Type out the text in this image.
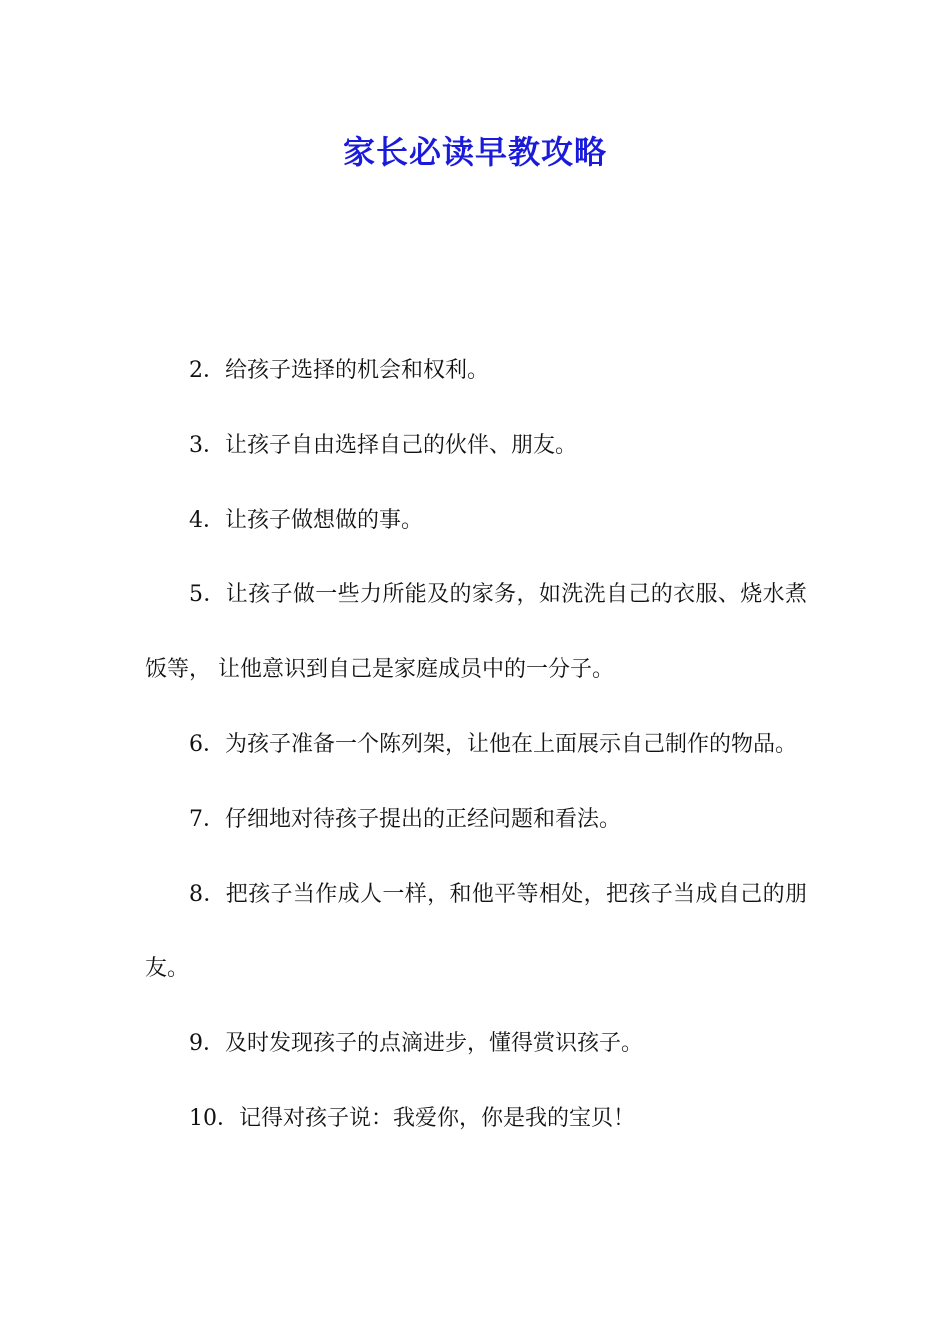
家长必读早教攻略

2．给孩子选择的机会和权利。

3．让孩子自由选择自己的伙伴、朋友。

4．让孩子做想做的事。

5．让孩子做一些力所能及的家务，如洗洗自己的衣服、烧水煮饭等， 让他意识到自己是家庭成员中的一分子。

6．为孩子准备一个陈列架，让他在上面展示自己制作的物品。

7．仔细地对待孩子提出的正经问题和看法。

8．把孩子当作成人一样，和他平等相处，把孩子当成自己的朋友。

9．及时发现孩子的点滴进步，懂得赏识孩子。

10．记得对孩子说：我爱你，你是我的宝贝！
